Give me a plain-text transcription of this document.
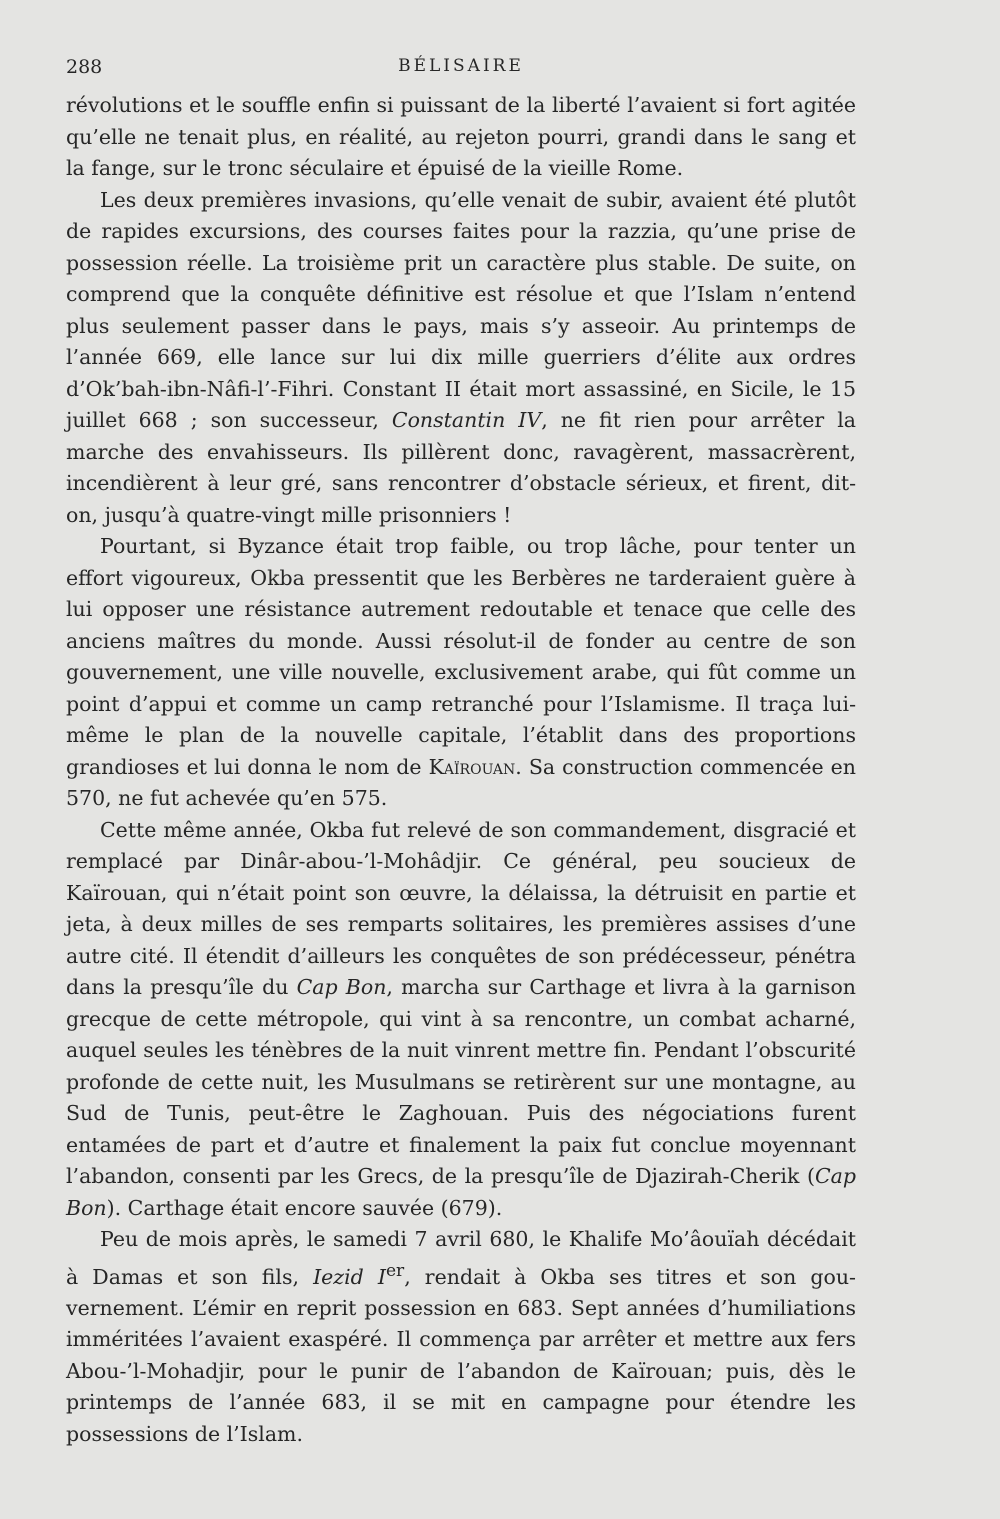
288	BÉLISAIRE

révolutions et le souffle enfin si puissant de la liberté l’avaient si fort agitée qu’elle ne tenait plus, en réalité, au rejeton pourri, grandi dans le sang et la fange, sur le tronc séculaire et épuisé de la vieille Rome.

Les deux premières invasions, qu’elle venait de subir, avaient été plutôt de rapides excursions, des courses faites pour la razzia, qu’une prise de possession réelle. La troisième prit un caractère plus stable. De suite, on comprend que la conquête définitive est résolue et que l’Islam n’entend plus seulement passer dans le pays, mais s’y asseoir. Au printemps de l’année 669, elle lance sur lui dix mille guerriers d’élite aux ordres d’Ok’bah-ibn-Nâfi-l’-Fihri. Constant II était mort assassiné, en Sicile, le 15 juillet 668 ; son successeur, Constantin IV, ne fit rien pour arrêter la marche des envahisseurs. Ils pillèrent donc, ravagèrent, massacrèrent, incendièrent à leur gré, sans rencontrer d’obstacle sérieux, et firent, dit-on, jusqu’à quatre-vingt mille prisonniers !

Pourtant, si Byzance était trop faible, ou trop lâche, pour tenter un effort vigoureux, Okba pressentit que les Berbères ne tarderaient guère à lui opposer une résistance autrement redoutable et tenace que celle des anciens maîtres du monde. Aussi résolut-il de fonder au centre de son gouvernement, une ville nouvelle, exclusivement arabe, qui fût comme un point d’appui et comme un camp retranché pour l’Islamisme. Il traça lui-même le plan de la nouvelle capitale, l’établit dans des proportions grandioses et lui donna le nom de Kaïrouan. Sa construction commencée en 570, ne fut achevée qu’en 575.

Cette même année, Okba fut relevé de son commandement, disgracié et remplacé par Dinâr-abou-’l-Mohâdjir. Ce général, peu soucieux de Kaïrouan, qui n’était point son œuvre, la délaissa, la détruisit en partie et jeta, à deux milles de ses remparts solitaires, les premières assises d’une autre cité. Il étendit d’ailleurs les conquêtes de son prédécesseur, pénétra dans la presqu’île du Cap Bon, marcha sur Carthage et livra à la garnison grecque de cette métropole, qui vint à sa rencontre, un combat acharné, auquel seules les ténèbres de la nuit vinrent mettre fin. Pendant l’obscurité profonde de cette nuit, les Musulmans se retirèrent sur une montagne, au Sud de Tunis, peut-être le Zaghouan. Puis des négociations furent entamées de part et d’autre et finalement la paix fut conclue moyennant l’abandon, consenti par les Grecs, de la presqu’île de Djazirah-Cherik (Cap Bon). Carthage était encore sauvée (679).

Peu de mois après, le samedi 7 avril 680, le Khalife Mo’âouïah décédait à Damas et son fils, Iezid Ier, rendait à Okba ses titres et son gouvernement. L’émir en reprit possession en 683. Sept années d’humiliations imméritées l’avaient exaspéré. Il commença par arrêter et mettre aux fers Abou-’l-Mohadjir, pour le punir de l’abandon de Kaïrouan; puis, dès le printemps de l’année 683, il se mit en campagne pour étendre les possessions de l’Islam.
